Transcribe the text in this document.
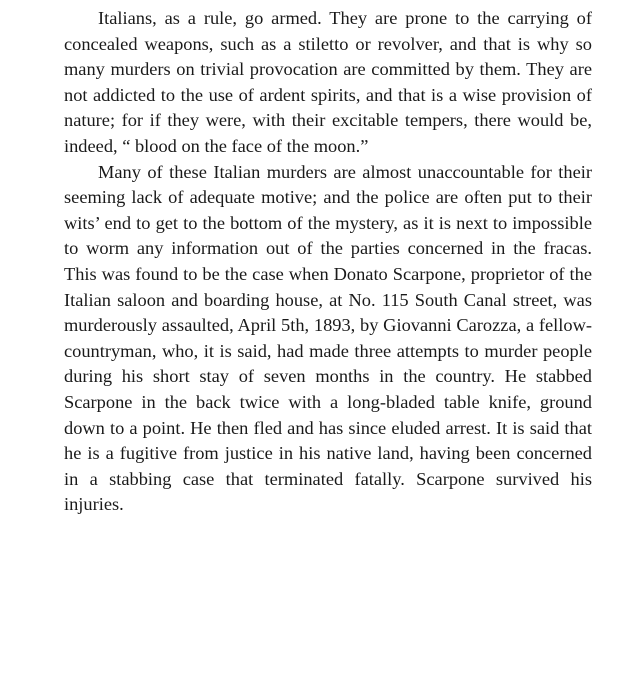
Italians, as a rule, go armed. They are prone to the carrying of concealed weapons, such as a stiletto or revolver, and that is why so many murders on trivial provocation are committed by them. They are not addicted to the use of ardent spirits, and that is a wise provision of nature; for if they were, with their excitable tempers, there would be, indeed, “ blood on the face of the moon.”

Many of these Italian murders are almost unaccountable for their seeming lack of adequate motive; and the police are often put to their wits’ end to get to the bottom of the mystery, as it is next to impossible to worm any information out of the parties concerned in the fracas. This was found to be the case when Donato Scarpone, proprietor of the Italian saloon and boarding house, at No. 115 South Canal street, was murderously assaulted, April 5th, 1893, by Giovanni Carozza, a fellow-countryman, who, it is said, had made three attempts to murder people during his short stay of seven months in the country. He stabbed Scarpone in the back twice with a long-bladed table knife, ground down to a point. He then fled and has since eluded arrest. It is said that he is a fugitive from justice in his native land, having been concerned in a stabbing case that terminated fatally. Scarpone survived his injuries.
